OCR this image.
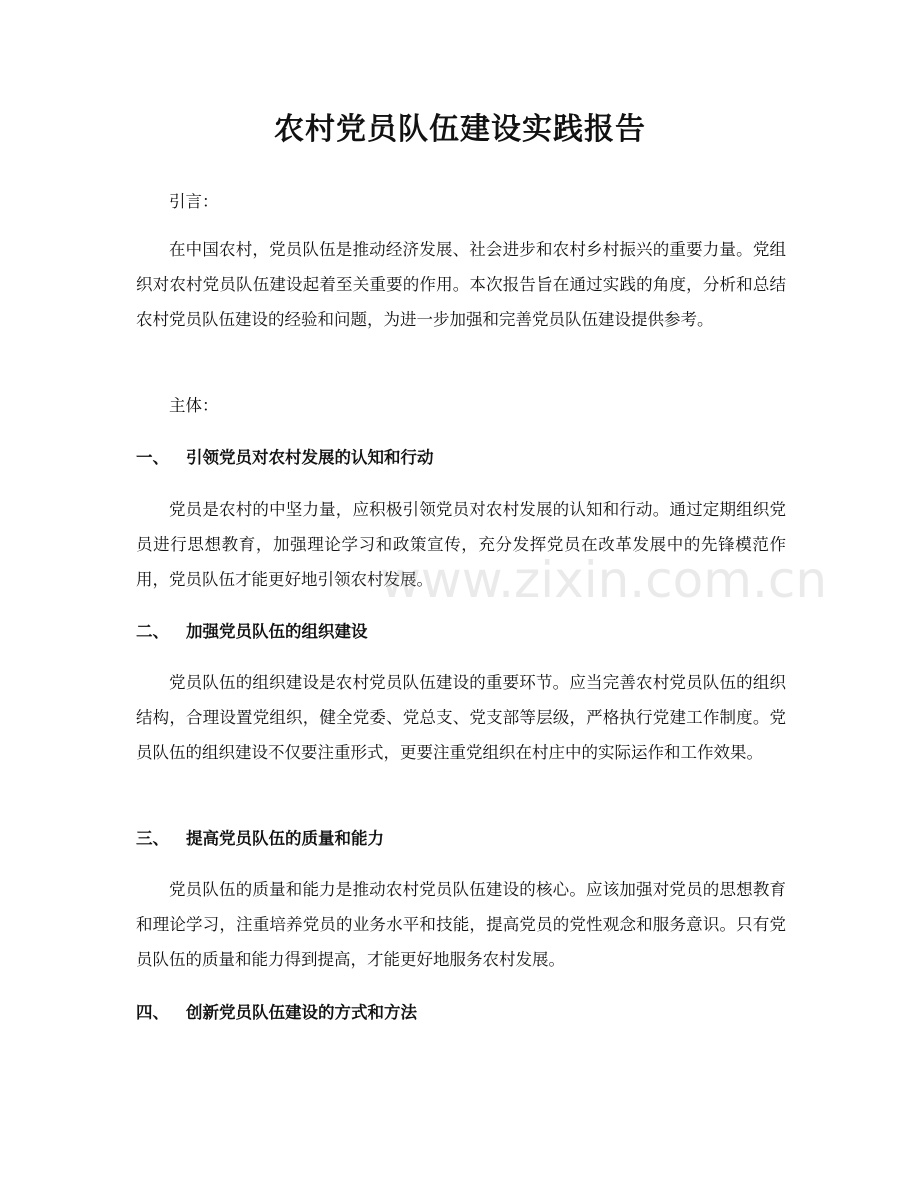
农村党员队伍建设实践报告

引言：

在中国农村，党员队伍是推动经济发展、社会进步和农村乡村振兴的重要力量。党组织对农村党员队伍建设起着至关重要的作用。本次报告旨在通过实践的角度，分析和总结农村党员队伍建设的经验和问题，为进一步加强和完善党员队伍建设提供参考。

主体：

一、	引领党员对农村发展的认知和行动

党员是农村的中坚力量，应积极引领党员对农村发展的认知和行动。通过定期组织党员进行思想教育，加强理论学习和政策宣传，充分发挥党员在改革发展中的先锋模范作用，党员队伍才能更好地引领农村发展。

二、	加强党员队伍的组织建设

党员队伍的组织建设是农村党员队伍建设的重要环节。应当完善农村党员队伍的组织结构，合理设置党组织，健全党委、党总支、党支部等层级，严格执行党建工作制度。党员队伍的组织建设不仅要注重形式，更要注重党组织在村庄中的实际运作和工作效果。

三、	提高党员队伍的质量和能力

党员队伍的质量和能力是推动农村党员队伍建设的核心。应该加强对党员的思想教育和理论学习，注重培养党员的业务水平和技能，提高党员的党性观念和服务意识。只有党员队伍的质量和能力得到提高，才能更好地服务农村发展。

四、	创新党员队伍建设的方式和方法
www.zixin.com.cn
